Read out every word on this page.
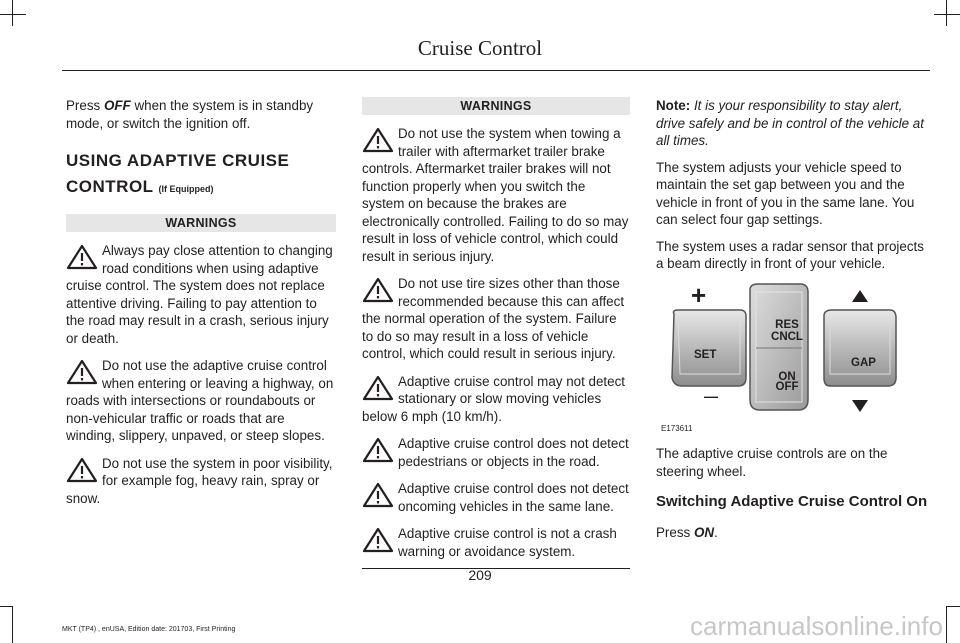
Cruise Control

Press OFF when the system is in standby mode, or switch the ignition off.

USING ADAPTIVE CRUISE
CONTROL (If Equipped)
WARNINGS
Always pay close attention to changing road conditions when using adaptive cruise control. The system does not replace attentive driving. Failing to pay attention to the road may result in a crash, serious injury or death.
Do not use the adaptive cruise control when entering or leaving a highway, on roads with intersections or roundabouts or non-vehicular traffic or roads that are winding, slippery, unpaved, or steep slopes.
Do not use the system in poor visibility, for example fog, heavy rain, spray or snow.
WARNINGS
Do not use the system when towing a trailer with aftermarket trailer brake controls. Aftermarket trailer brakes will not function properly when you switch the system on because the brakes are electronically controlled. Failing to do so may result in loss of vehicle control, which could result in serious injury.
Do not use tire sizes other than those recommended because this can affect the normal operation of the system. Failure to do so may result in a loss of vehicle control, which could result in serious injury.
Adaptive cruise control may not detect stationary or slow moving vehicles below 6 mph (10 km/h).
Adaptive cruise control does not detect pedestrians or objects in the road.
Adaptive cruise control does not detect oncoming vehicles in the same lane.
Adaptive cruise control is not a crash warning or avoidance system.

Note: It is your responsibility to stay alert, drive safely and be in control of the vehicle at all times.

The system adjusts your vehicle speed to maintain the set gap between you and the vehicle in front of you in the same lane. You can select four gap settings.

The system uses a radar sensor that projects a beam directly in front of your vehicle.

+
—
SET
RES
CNCL
ON
OFF
GAP
E173611

The adaptive cruise controls are on the steering wheel.

Switching Adaptive Cruise Control On

Press ON.

209
MKT (TP4) , enUSA, Edition date: 201703, First Printing	carmanualsonline.info
